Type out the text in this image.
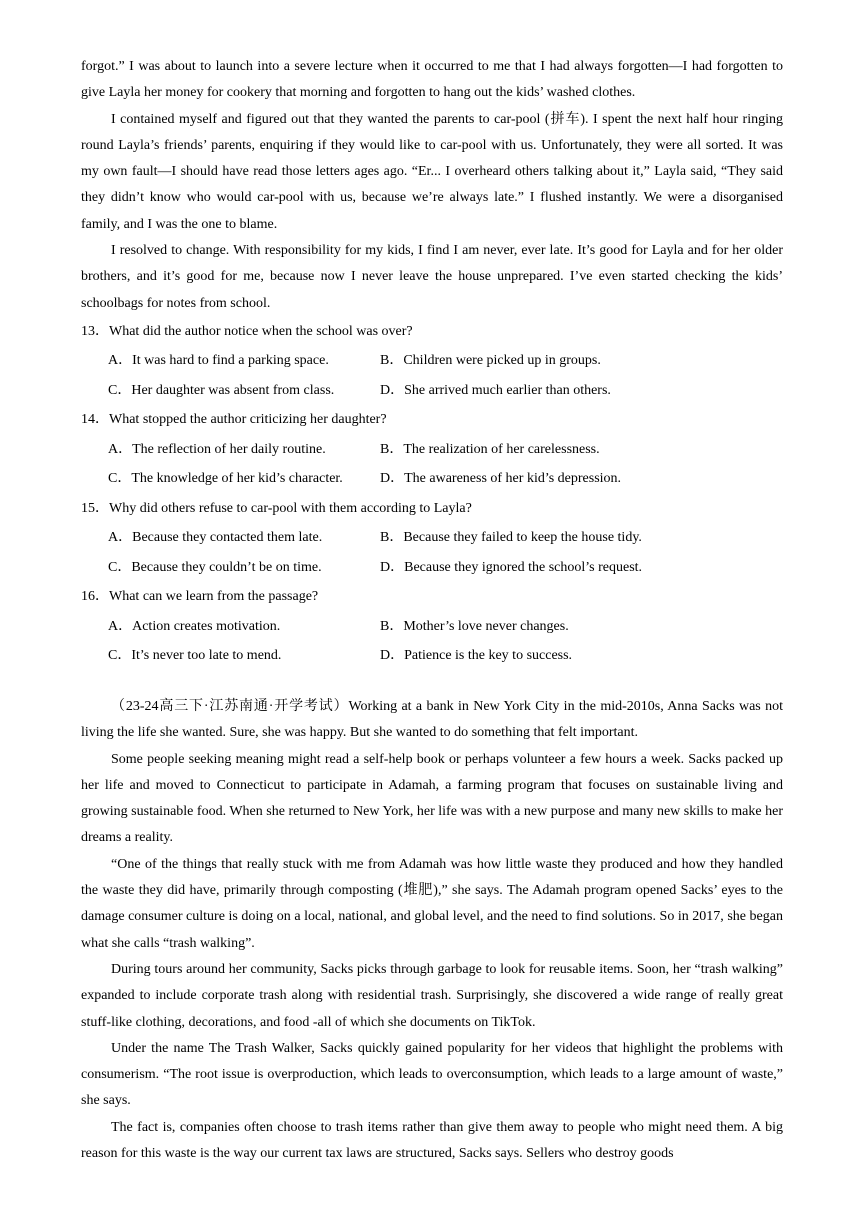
forgot.” I was about to launch into a severe lecture when it occurred to me that I had always forgotten—I had forgotten to give Layla her money for cookery that morning and forgotten to hang out the kids’ washed clothes.

I contained myself and figured out that they wanted the parents to car-pool (拼车). I spent the next half hour ringing round Layla’s friends’ parents, enquiring if they would like to car-pool with us. Unfortunately, they were all sorted. It was my own fault—I should have read those letters ages ago. “Er... I overheard others talking about it,” Layla said, “They said they didn’t know who would car-pool with us, because we’re always late.” I flushed instantly. We were a disorganised family, and I was the one to blame.

I resolved to change. With responsibility for my kids, I find I am never, ever late. It’s good for Layla and for her older brothers, and it’s good for me, because now I never leave the house unprepared. I’ve even started checking the kids’ schoolbags for notes from school.

13．What did the author notice when the school was over?

A．It was hard to find a parking space.	B．Children were picked up in groups.
C．Her daughter was absent from class.	D．She arrived much earlier than others.

14．What stopped the author criticizing her daughter?

A．The reflection of her daily routine.	B．The realization of her carelessness.
C．The knowledge of her kid’s character.	D．The awareness of her kid’s depression.

15．Why did others refuse to car-pool with them according to Layla?

A．Because they contacted them late.	B．Because they failed to keep the house tidy.
C．Because they couldn’t be on time.	D．Because they ignored the school’s request.

16．What can we learn from the passage?

A．Action creates motivation.	B．Mother’s love never changes.
C．It’s never too late to mend.	D．Patience is the key to success.

（23-24高三下·江苏南通·开学考试）Working at a bank in New York City in the mid-2010s, Anna Sacks was not living the life she wanted. Sure, she was happy. But she wanted to do something that felt important.

Some people seeking meaning might read a self-help book or perhaps volunteer a few hours a week. Sacks packed up her life and moved to Connecticut to participate in Adamah, a farming program that focuses on sustainable living and growing sustainable food. When she returned to New York, her life was with a new purpose and many new skills to make her dreams a reality.

“One of the things that really stuck with me from Adamah was how little waste they produced and how they handled the waste they did have, primarily through composting (堆肥),” she says. The Adamah program opened Sacks’ eyes to the damage consumer culture is doing on a local, national, and global level, and the need to find solutions. So in 2017, she began what she calls “trash walking”.

During tours around her community, Sacks picks through garbage to look for reusable items. Soon, her “trash walking” expanded to include corporate trash along with residential trash. Surprisingly, she discovered a wide range of really great stuff-like clothing, decorations, and food -all of which she documents on TikTok.

Under the name The Trash Walker, Sacks quickly gained popularity for her videos that highlight the problems with consumerism. “The root issue is overproduction, which leads to overconsumption, which leads to a large amount of waste,” she says.

The fact is, companies often choose to trash items rather than give them away to people who might need them. A big reason for this waste is the way our current tax laws are structured, Sacks says. Sellers who destroy goods
